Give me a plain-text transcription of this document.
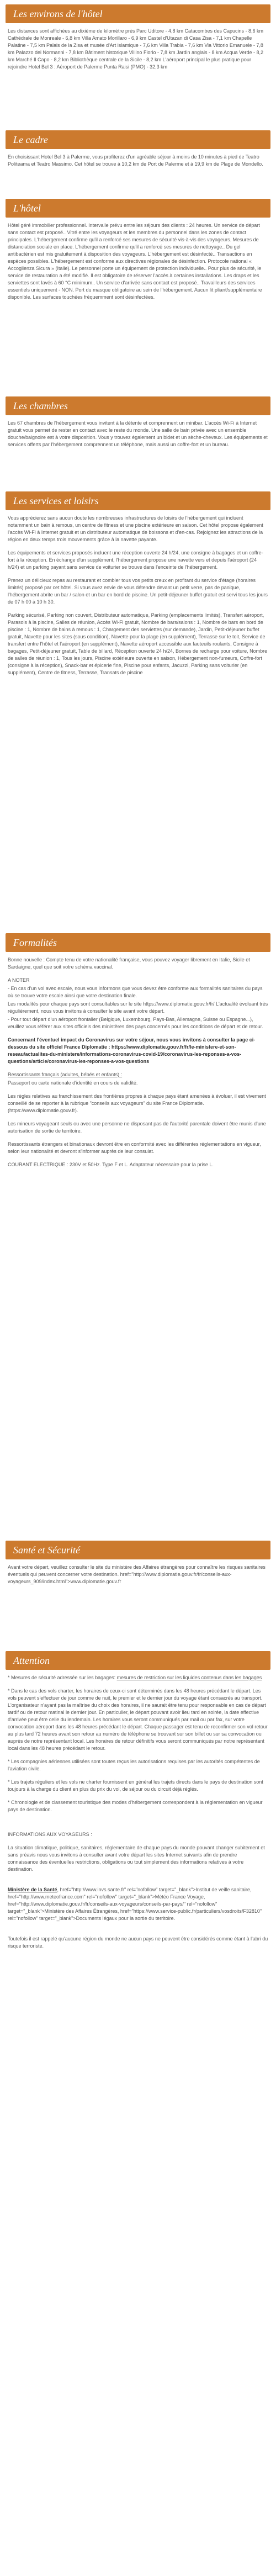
Les environs de l'hôtel

Les distances sont affichées au dixième de kilomètre près Parc Uditore - 4,8 km Catacombes des Capucins - 8,6 km Cathédrale de Monreale - 6,8 km Villa Amato Morillaro - 6,9 km Castel d'Utazan di Casa Zisa - 7,1 km Chapelle Palatine - 7,5 km Palais de la Zisa et musée d'Art islamique - 7,6 km Villa Trabia - 7,6 km Via Vittorio Emanuele - 7,8 km Palazzo dei Normanni - 7,8 km Bâtiment historique Villino Florio - 7,8 km Jardin anglais - 8 km Acqua Verde - 8,2 km Marché Il Capo - 8,2 km Bibliothèque centrale de la Sicile - 8,2 km L'aéroport principal le plus pratique pour rejoindre Hotel Bel 3 : Aéroport de Palerme Punta Raisi (PMO) - 32,3 km

Le cadre

En choisissant Hotel Bel 3 à Palerme, vous profiterez d'un agréable séjour à moins de 10 minutes à pied de Teatro Politeama et Teatro Massimo. Cet hôtel se trouve à 10,2 km de Port de Palerme et à 19,9 km de Plage de Mondello.

L'hôtel

Hôtel géré immobilier professionnel. Intervalle prévu entre les séjours des clients : 24 heures. Un service de départ sans contact est proposé.. Vitré entre les voyageurs et les membres du personnel dans les zones de contact principales. L'hébergement confirme qu'il a renforcé ses mesures de sécurité vis-à-vis des voyageurs. Mesures de distanciation sociale en place. L'hébergement confirme qu'il a renforcé ses mesures de nettoyage.. Du gel antibactérien est mis gratuitement à disposition des voyageurs. L'hébergement est désinfecté.. Transactions en espèces possibles. L'hébergement est conforme aux directives régionales de désinfection. Protocole national « Accoglienza Sicura » (Italie). Le personnel porte un équipement de protection individuelle.. Pour plus de sécurité, le service de restauration a été modifié. Il est obligatoire de réserver l'accès à certaines installations. Les draps et les serviettes sont lavés à 60 °C minimum.. Un service d'arrivée sans contact est proposé.. Travailleurs des services essentiels uniquement - NON. Port du masque obligatoire au sein de l'hébergement. Aucun lit pliant/supplémentaire disponible. Les surfaces touchées fréquemment sont désinfectées.

Les chambres

Les 67 chambres de l'hébergement vous invitent à la détente et comprennent un minibar. L'accès Wi-Fi à Internet gratuit vous permet de rester en contact avec le reste du monde. Une salle de bain privée avec un ensemble douche/baignoire est à votre disposition. Vous y trouvez également un bidet et un sèche-cheveux. Les équipements et services offerts par l'hébergement comprennent un téléphone, mais aussi un coffre-fort et un bureau.

Les services et loisirs

Vous apprécierez sans aucun doute les nombreuses infrastructures de loisirs de l'hébergement qui incluent notamment un bain à remous, un centre de fitness et une piscine extérieure en saison. Cet hôtel propose également l'accès Wi-Fi à Internet gratuit et un distributeur automatique de boissons et d'en-cas. Rejoignez les attractions de la région en deux temps trois mouvements grâce à la navette payante.

Les équipements et services proposés incluent une réception ouverte 24 h/24, une consigne à bagages et un coffre-fort à la réception. En échange d'un supplément, l'hébergement propose une navette vers et depuis l'aéroport (24 h/24) et un parking payant sans service de voiturier se trouve dans l'enceinte de l'hébergement.

Prenez un délicieux repas au restaurant et combler tous vos petits creux en profitant du service d'étage (horaires limités) proposé par cet hôtel. Si vous avez envie de vous détendre devant un petit verre, pas de panique, l'hébergement abrite un bar / salon et un bar en bord de piscine. Un petit-déjeuner buffet gratuit est servi tous les jours de 07 h 00 à 10 h 30.

Parking sécurisé, Parking non couvert, Distributeur automatique, Parking (emplacements limités), Transfert aéroport, Parasols à la piscine, Salles de réunion, Accès Wi-Fi gratuit, Nombre de bars/salons : 1, Nombre de bars en bord de piscine : 1, Nombre de bains à remous : 1, Chargement des serviettes (sur demande), Jardin, Petit-déjeuner buffet gratuit, Navette pour les sites (sous condition), Navette pour la plage (en supplément), Terrasse sur le toit, Service de transfert entre l'hôtel et l'aéroport (en supplément), Navette aéroport accessible aux fauteuils roulants, Consigne à bagages, Petit-déjeuner gratuit, Table de billard, Réception ouverte 24 h/24, Bornes de recharge pour voiture, Nombre de salles de réunion : 1, Tous les jours, Piscine extérieure ouverte en saison, Hébergement non-fumeurs, Coffre-fort (consigne à la réception), Snack-bar et épicerie fine, Piscine pour enfants, Jacuzzi, Parking sans voiturier (en supplément), Centre de fitness, Terrasse, Transats de piscine

Formalités

Bonne nouvelle : Compte tenu de votre nationalité française, vous pouvez voyager librement en Italie, Sicile et Sardaigne, quel que soit votre schéma vaccinal.

A NOTER

- En cas d'un vol avec escale, nous vous informons que vous devez être conforme aux formalités sanitaires du pays où se trouve votre escale ainsi que votre destination finale.

Les modalités pour chaque pays sont consultables sur le site https://www.diplomatie.gouv.fr/fr/ L'actualité évoluant très régulièrement, nous vous invitons à consulter le site avant votre départ.

- Pour tout départ d'un aéroport frontalier (Belgique, Luxembourg, Pays-Bas, Allemagne, Suisse ou Espagne...), veuillez vous référer aux sites officiels des ministères des pays concernés pour les conditions de départ et de retour.

Concernant l'éventuel impact du Coronavirus sur votre séjour, nous vous invitons à consulter la page ci-dessous du site officiel France Diplomatie : https://www.diplomatie.gouv.fr/fr/le-ministere-et-son-reseau/actualites-du-ministere/informations-coronavirus-covid-19/coronavirus-les-reponses-a-vos-questions/article/coronavirus-les-reponses-a-vos-questions

Ressortissants français (adultes, bébés et enfants) :

Passeport ou carte nationale d'identité en cours de validité.

Les règles relatives au franchissement des frontières propres à chaque pays étant amenées à évoluer, il est vivement conseillé de se reporter à la rubrique "conseils aux voyageurs" du site France Diplomatie.(https://www.diplomatie.gouv.fr).

Les mineurs voyageant seuls ou avec une personne ne disposant pas de l'autorité parentale doivent être munis d'une autorisation de sortie de territoire.

Ressortissants étrangers et binationaux devront être en conformité avec les différentes réglementations en vigueur, selon leur nationalité et devront s'informer auprès de leur consulat.

COURANT ELECTRIQUE : 230V et 50Hz. Type F et L. Adaptateur nécessaire pour la prise L.

Santé et Sécurité

Avant votre départ, veuillez consulter le site du ministère des Affaires étrangères pour connaître les risques sanitaires éventuels qui peuvent concerner votre destination. href="http://www.diplomatie.gouv.fr/fr/conseils-aux-voyageurs_909/index.html">www.diplomatie.gouv.fr

Attention

* Mesures de sécurité adressée sur les bagages: mesures de restriction sur les liquides contenus dans les bagages

* Dans le cas des vols charter, les horaires de ceux-ci sont déterminés dans les 48 heures précédant le départ. Les vols peuvent s'effectuer de jour comme de nuit, le premier et le dernier jour du voyage étant consacrés au transport. L'organisateur n'ayant pas la maîtrise du choix des horaires, il ne saurait être tenu pour responsable en cas de départ tardif ou de retour matinal le dernier jour. En particulier, le départ pouvant avoir lieu tard en soirée, la date effective d'arrivée peut être celle du lendemain. Les horaires vous seront communiqués par mail ou par fax, sur votre convocation aéroport dans les 48 heures précédant le départ. Chaque passager est tenu de reconfirmer son vol retour au plus tard 72 heures avant son retour au numéro de téléphone se trouvant sur son billet ou sur sa convocation ou auprès de notre représentant local. Les horaires de retour définitifs vous seront communiqués par notre représentant local dans les 48 heures précédant le retour.

* Les compagnies aériennes utilisées sont toutes reçus les autorisations requises par les autorités compétentes de l'aviation civile.

* Les trajets réguliers et les vols ne charter fournissent en général les trajets directs dans le pays de destination sont toujours à la charge du client en plus du prix du vol, de séjour ou du circuit déjà réglés.

* Chronologie et de classement touristique des modes d'hébergement correspondent à la réglementation en vigueur pays de destination.

INFORMATIONS AUX VOYAGEURS :

La situation climatique, politique, sanitaires, réglementaire de chaque pays du monde pouvant changer subitement et sans préavis nous vous invitons à consulter avant votre départ les sites Internet suivants afin de prendre connaissance des éventuelles restrictions, obligations ou tout simplement des informations relatives à votre destination.

Ministère de la Santé, href="http://www.invs.sante.fr" rel="nofollow" target="_blank">Institut de veille sanitaire, href="http://www.meteofrance.com" rel="nofollow" target="_blank">Météo France Voyage, href="http://www.diplomatie.gouv.fr/fr/conseils-aux-voyageurs/conseils-par-pays/" rel="nofollow" target="_blank">Ministère des Affaires Étrangères, href="https://www.service-public.fr/particuliers/vosdroits/F32810" rel="nofollow" target="_blank">Documents légaux pour la sortie du territoire.

Toutefois il est rappelé qu'aucune région du monde ne aucun pays ne peuvent être considérés comme étant à l'abri du risque terroriste.
